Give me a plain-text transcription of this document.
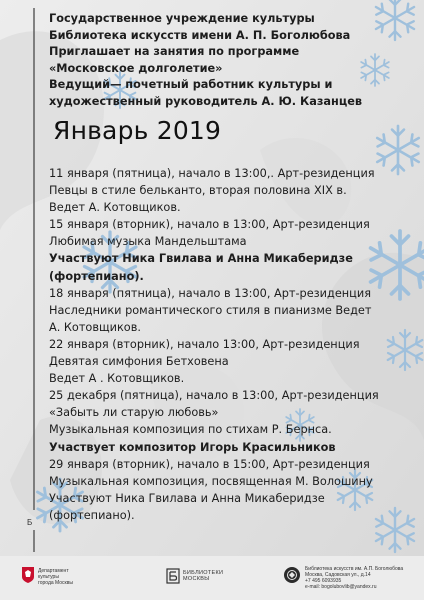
Государственное учреждение культуры
Библиотека искусств имени А. П. Боголюбова
Приглашает на занятия по программе
«Московское долголетие»
Ведущий— почетный работник культуры и
художественный руководитель А. Ю. Казанцев
Январь 2019
11 января (пятница), начало в 13:00,. Арт-резиденция
Певцы в стиле бельканто, вторая половина XIX в.
Ведет А. Котовщиков.
15 января (вторник), начало в 13:00, Арт-резиденция
Любимая музыка Мандельштама
Участвуют Ника Гвилава и Анна Микаберидзе
(фортепиано).
18 января (пятница), начало в 13:00, Арт-резиденция
Наследники романтического стиля в пианизме Ведет
А. Котовщиков.
22 января (вторник), начало 13:00, Арт-резиденция
Девятая симфония Бетховена
Ведет А . Котовщиков.
25 декабря (пятница), начало в 13:00, Арт-резиденция
«Забыть ли старую любовь»
Музыкальная композиция по стихам Р. Бернса.
Участвует композитор Игорь Красильников
29 января (вторник), начало в 15:00, Арт-резиденция
Музыкальная композиция, посвященная М. Волошину
Участвуют Ника Гвилава и Анна Микаберидзе
(фортепиано).
Б
Департамент
культуры
города Москвы
БИБЛИОТЕКИ
МОСКВЫ
Библиотека искусств им. А.П. Боголюбова
Москва, Садовская ул., д.14
+7 495 6093935
e-mail: bogolubovlib@yandex.ru
